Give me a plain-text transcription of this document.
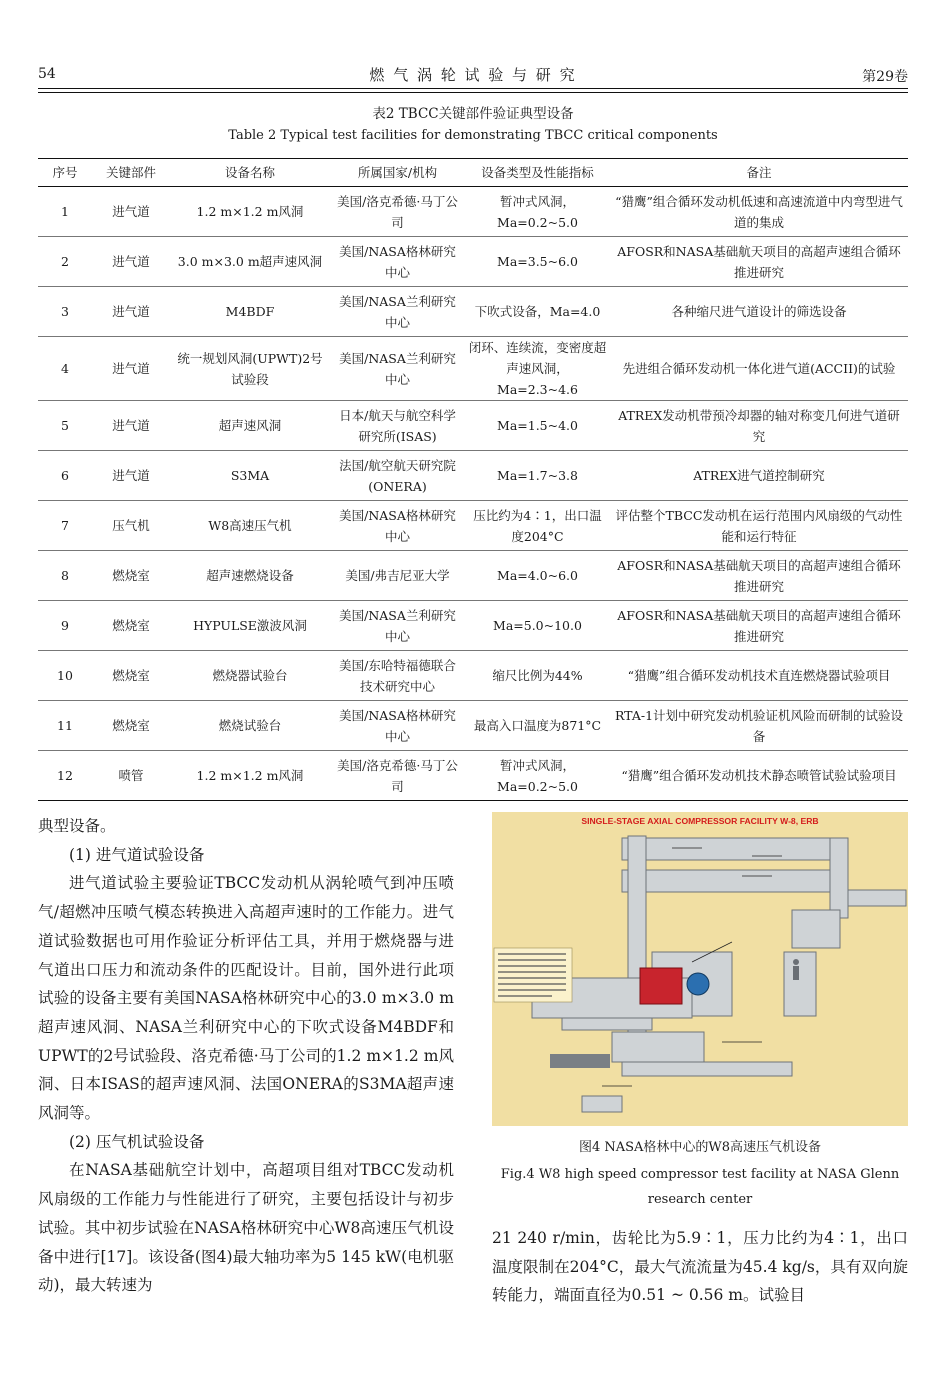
54	燃 气 涡 轮 试 验 与 研 究	第29卷
表2 TBCC关键部件验证典型设备
Table 2 Typical test facilities for demonstrating TBCC critical components
序号	关键部件	设备名称	所属国家/机构	设备类型及性能指标	备注
1	进气道	1.2 m×1.2 m风洞	美国/洛克希德·马丁公司	暂冲式风洞，Ma=0.2~5.0	“猎鹰”组合循环发动机低速和高速流道中内弯型进气道的集成
2	进气道	3.0 m×3.0 m超声速风洞	美国/NASA格林研究中心	Ma=3.5~6.0	AFOSR和NASA基础航天项目的高超声速组合循环推进研究
3	进气道	M4BDF	美国/NASA兰利研究中心	下吹式设备，Ma=4.0	各种缩尺进气道设计的筛选设备
4	进气道	统一规划风洞(UPWT)2号试验段	美国/NASA兰利研究中心	闭环、连续流，变密度超声速风洞，Ma=2.3~4.6	先进组合循环发动机一体化进气道(ACCII)的试验
5	进气道	超声速风洞	日本/航天与航空科学研究所(ISAS)	Ma=1.5~4.0	ATREX发动机带预冷却器的轴对称变几何进气道研究
6	进气道	S3MA	法国/航空航天研究院(ONERA)	Ma=1.7~3.8	ATREX进气道控制研究
7	压气机	W8高速压气机	美国/NASA格林研究中心	压比约为4∶1，出口温度204°C	评估整个TBCC发动机在运行范围内风扇级的气动性能和运行特征
8	燃烧室	超声速燃烧设备	美国/弗吉尼亚大学	Ma=4.0~6.0	AFOSR和NASA基础航天项目的高超声速组合循环推进研究
9	燃烧室	HYPULSE激波风洞	美国/NASA兰利研究中心	Ma=5.0~10.0	AFOSR和NASA基础航天项目的高超声速组合循环推进研究
10	燃烧室	燃烧器试验台	美国/东哈特福德联合技术研究中心	缩尺比例为44%	“猎鹰”组合循环发动机技术直连燃烧器试验项目
11	燃烧室	燃烧试验台	美国/NASA格林研究中心	最高入口温度为871°C	RTA-1计划中研究发动机验证机风险而研制的试验设备
12	喷管	1.2 m×1.2 m风洞	美国/洛克希德·马丁公司	暂冲式风洞，Ma=0.2~5.0	“猎鹰”组合循环发动机技术静态喷管试验试验项目

典型设备。

(1) 进气道试验设备

进气道试验主要验证TBCC发动机从涡轮喷气到冲压喷气/超燃冲压喷气模态转换进入高超声速时的工作能力。进气道试验数据也可用作验证分析评估工具，并用于燃烧器与进气道出口压力和流动条件的匹配设计。目前，国外进行此项试验的设备主要有美国NASA格林研究中心的3.0 m×3.0 m超声速风洞、NASA兰利研究中心的下吹式设备M4BDF和UPWT的2号试验段、洛克希德·马丁公司的1.2 m×1.2 m风洞、日本ISAS的超声速风洞、法国ONERA的S3MA超声速风洞等。

(2) 压气机试验设备

在NASA基础航空计划中，高超项目组对TBCC发动机风扇级的工作能力与性能进行了研究，主要包括设计与初步试验。其中初步试验在NASA格林研究中心W8高速压气机设备中进行[17]。该设备(图4)最大轴功率为5 145 kW(电机驱动)，最大转速为

SINGLE-STAGE AXIAL COMPRESSOR FACILITY W-8, ERB
图4 NASA格林中心的W8高速压气机设备
Fig.4 W8 high speed compressor test facility at NASA Glenn research center

21 240 r/min，齿轮比为5.9∶1，压力比约为4∶1，出口温度限制在204°C，最大气流流量为45.4 kg/s，具有双向旋转能力，端面直径为0.51 ~ 0.56 m。试验目
